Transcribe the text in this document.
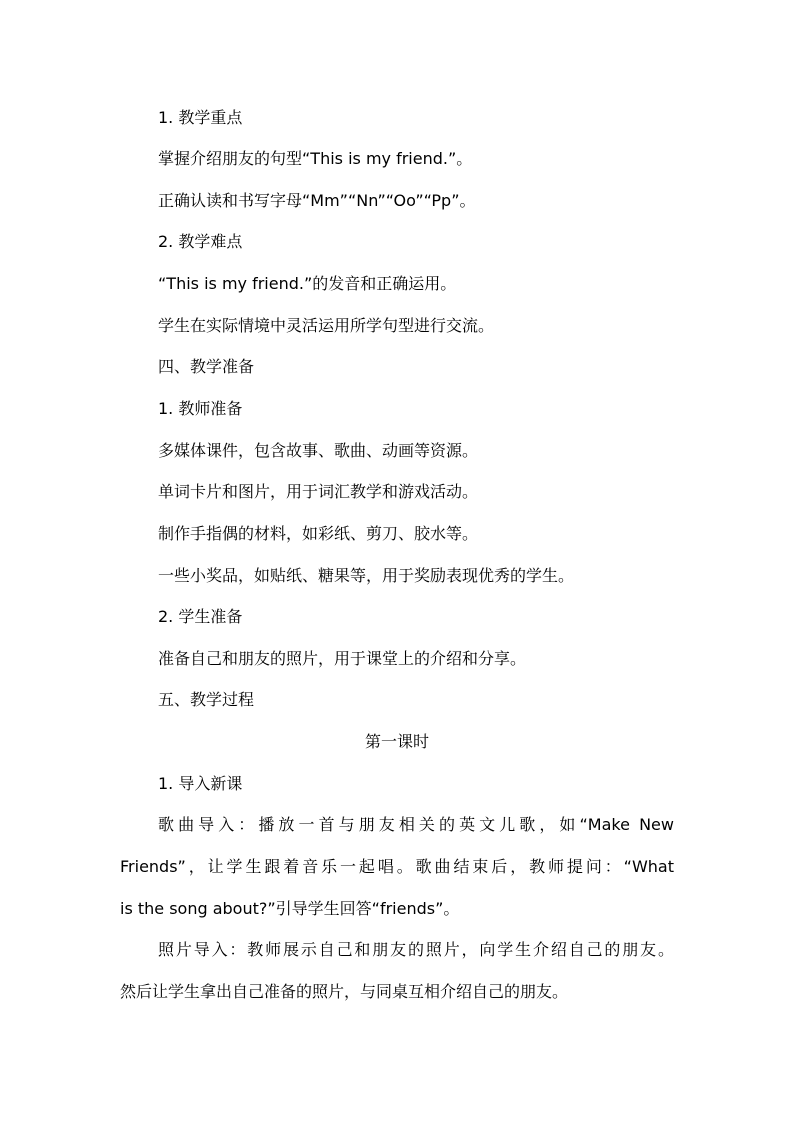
1. 教学重点
掌握介绍朋友的句型“This is my friend.”。
正确认读和书写字母“Mm”“Nn”“Oo”“Pp”。
2. 教学难点
“This is my friend.”的发音和正确运用。
学生在实际情境中灵活运用所学句型进行交流。
四、教学准备
1. 教师准备
多媒体课件，包含故事、歌曲、动画等资源。
单词卡片和图片，用于词汇教学和游戏活动。
制作手指偶的材料，如彩纸、剪刀、胶水等。
一些小奖品，如贴纸、糖果等，用于奖励表现优秀的学生。
2. 学生准备
准备自己和朋友的照片，用于课堂上的介绍和分享。
五、教学过程
第一课时
1. 导入新课
歌曲导入：播放一首与朋友相关的英文儿歌，如“Make New
Friends”，让学生跟着音乐一起唱。歌曲结束后，教师提问：“What
is the song about?”引导学生回答“friends”。
照片导入：教师展示自己和朋友的照片，向学生介绍自己的朋友。
然后让学生拿出自己准备的照片，与同桌互相介绍自己的朋友。
